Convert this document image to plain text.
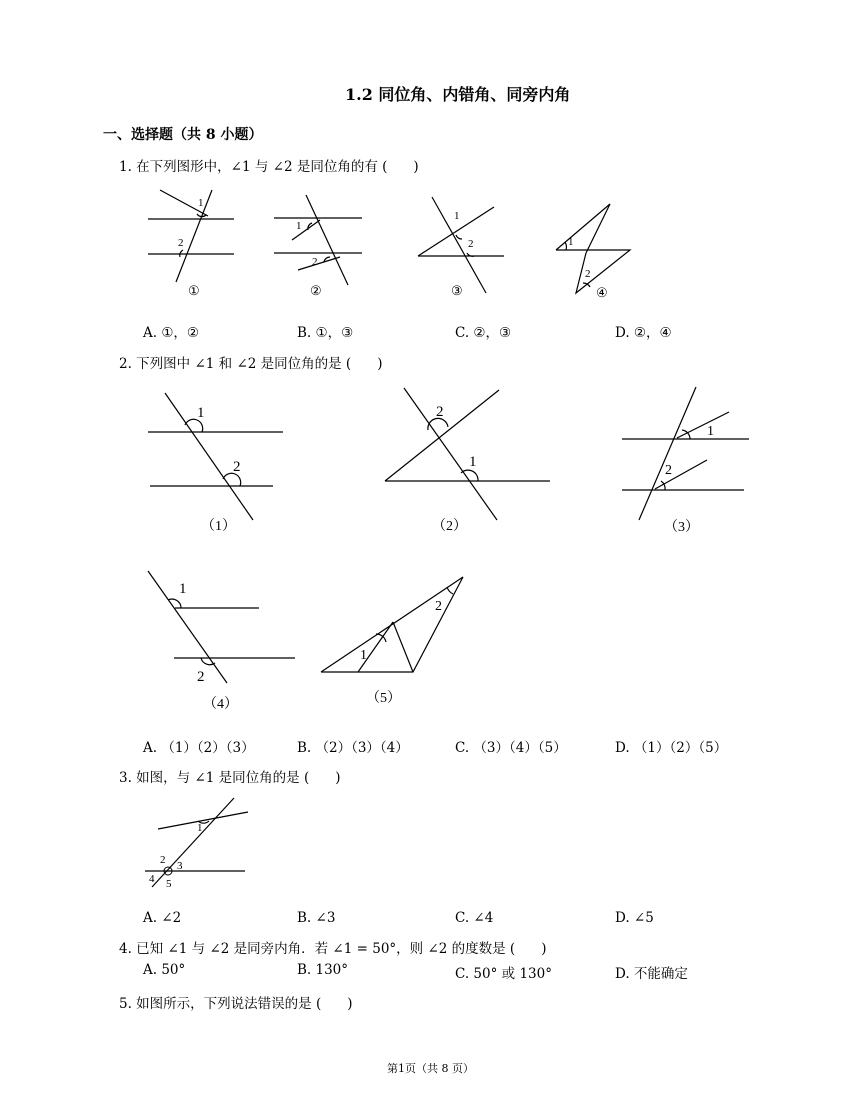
1.2 同位角、内错角、同旁内角
一、选择题（共 8 小题）
1. 在下列图形中，∠1 与 ∠2 是同位角的有 ( )
1
2
①
1
2
②
1
2
③
1
2
④
A. ①，②	B. ①，③	C. ②，③	D. ②，④
2. 下列图中 ∠1 和 ∠2 是同位角的是 ( )
1
2
（1）
2
1
（2）
1
2
（3）
1
2
（4）
1
2
（5）
A. （1）（2）（3）	B. （2）（3）（4）	C. （3）（4）（5）	D. （1）（2）（5）
3. 如图，与 ∠1 是同位角的是 ( )
1
2 3
4 5
A. ∠2	B. ∠3	C. ∠4	D. ∠5
4. 已知 ∠1 与 ∠2 是同旁内角．若 ∠1 = 50°，则 ∠2 的度数是 ( )
A. 50°	B. 130°	C. 50° 或 130°	D. 不能确定
5. 如图所示，下列说法错误的是 ( )
第1页（共 8 页）
